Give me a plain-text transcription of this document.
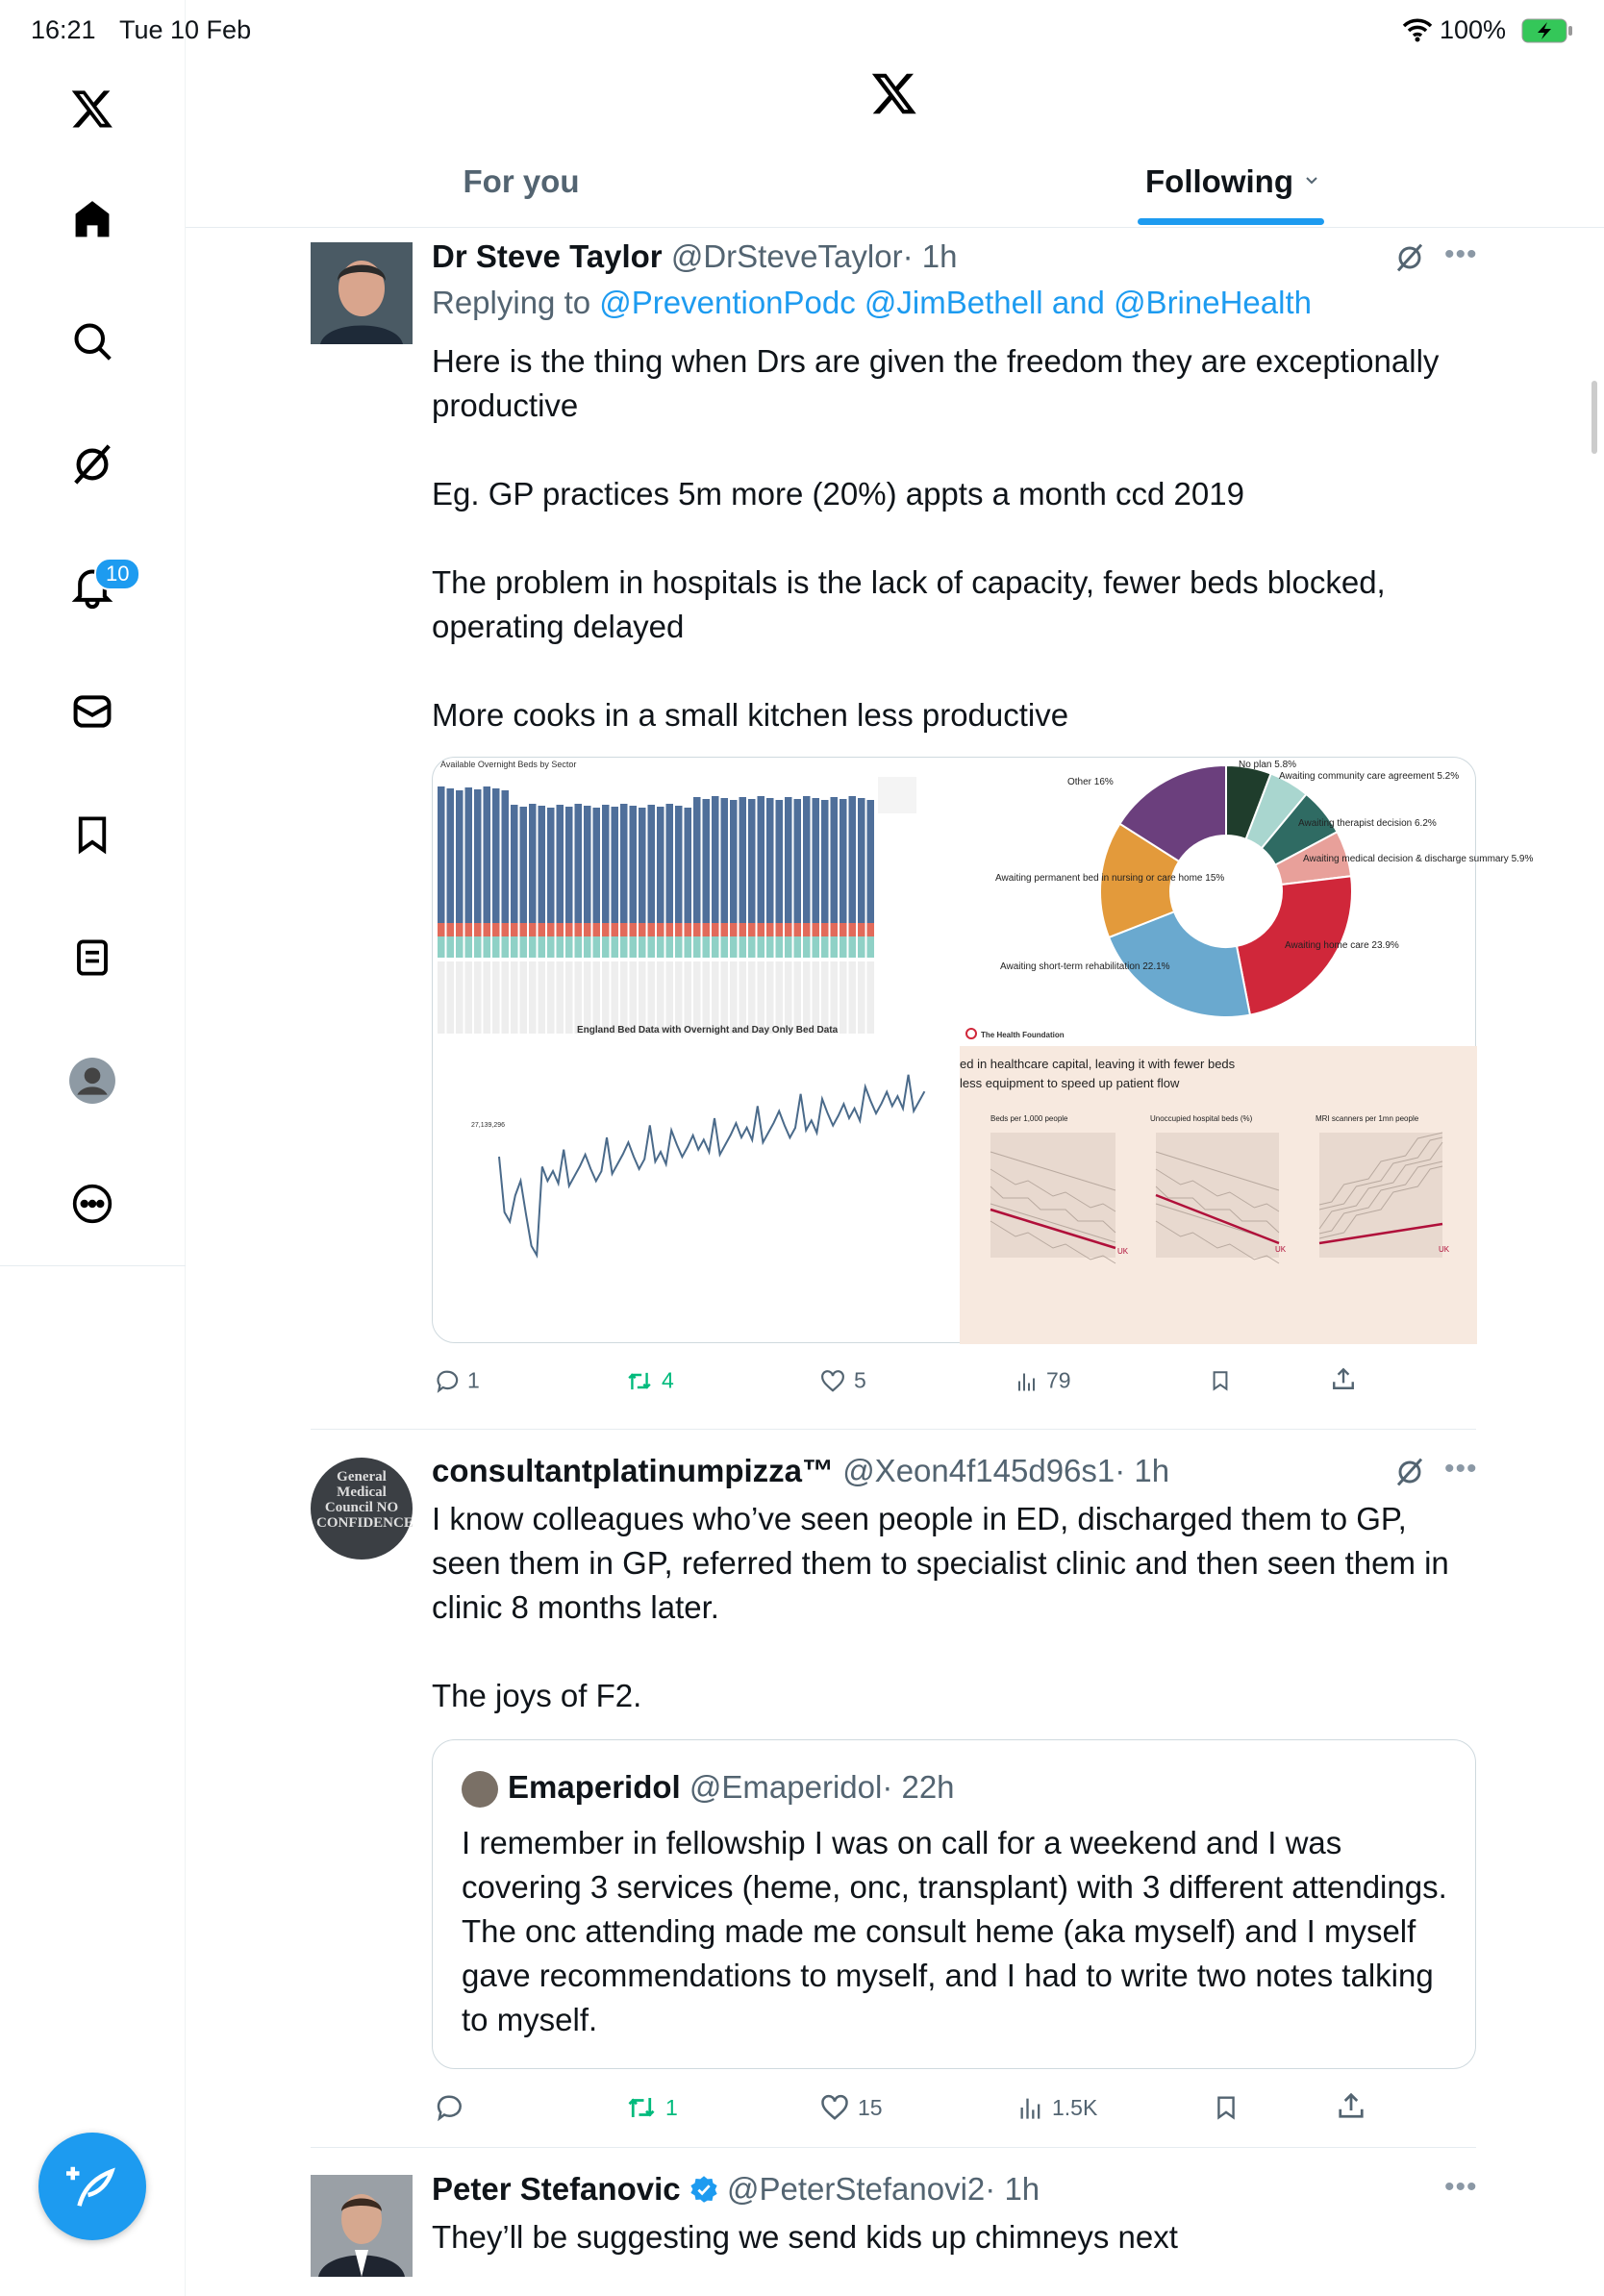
16:21 Tue 10 Feb	100%
10
For you	Following
Dr Steve Taylor @DrSteveTaylor· 1h	•••
Replying to @PreventionPodc @JimBethell and @BrineHealth
Here is the thing when Drs are given the freedom they are exceptionally productive

Eg. GP practices 5m more (20%) appts a month ccd 2019

The problem in hospitals is the lack of capacity, fewer beds blocked, operating delayed

More cooks in a small kitchen less productive
Available Overnight Beds by Sector
England Bed Data with Overnight and Day Only Bed Data
27,139,296
No plan 5.8%
Other 16%
Awaiting community care agreement 5.2%
Awaiting therapist decision 6.2%
Awaiting medical decision & discharge summary 5.9%
Awaiting home care 23.9%
Awaiting short-term rehabilitation 22.1%
Awaiting permanent bed in nursing or care home 15%
The Health Foundation
ed in healthcare capital, leaving it with fewer beds
less equipment to speed up patient flow
Beds per 1,000 people	Unoccupied hospital beds (%)	MRI scanners per 1mn people
UK	UK	UK
1	4	5	79
General Medical Council NO CONFIDENCE
consultantplatinumpizza™ @Xeon4f145d96s1· 1h	•••
I know colleagues who’ve seen people in ED, discharged them to GP, seen them in GP, referred them to specialist clinic and then seen them in clinic 8 months later.

The joys of F2.
Emaperidol @Emaperidol· 22h
I remember in fellowship I was on call for a weekend and I was covering 3 services (heme, onc, transplant) with 3 different attendings. The onc attending made me consult heme (aka myself) and I myself gave recommendations to myself, and I had to write two notes talking to myself.
1	15	1.5K
Peter Stefanovic @PeterStefanovi2· 1h	•••
They’ll be suggesting we send kids up chimneys next
